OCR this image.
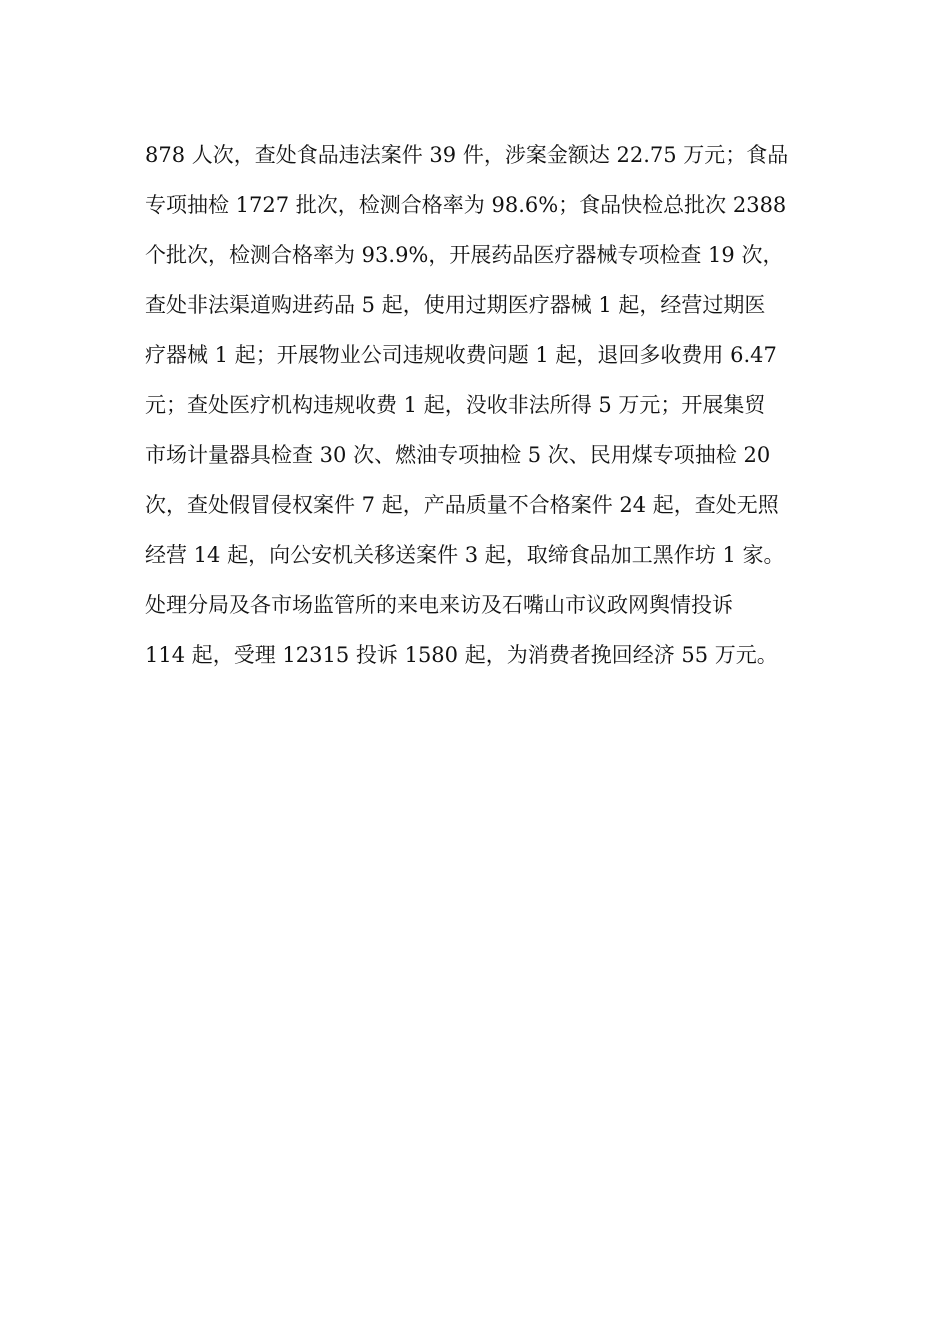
878 人次，查处食品违法案件 39 件，涉案金额达 22.75 万元；食品
专项抽检 1727 批次，检测合格率为 98.6%；食品快检总批次 2388
个批次，检测合格率为 93.9%，开展药品医疗器械专项检查 19 次，
查处非法渠道购进药品 5 起，使用过期医疗器械 1 起，经营过期医
疗器械 1 起；开展物业公司违规收费问题 1 起，退回多收费用 6.47
元；查处医疗机构违规收费 1 起，没收非法所得 5 万元；开展集贸
市场计量器具检查 30 次、燃油专项抽检 5 次、民用煤专项抽检 20
次，查处假冒侵权案件 7 起，产品质量不合格案件 24 起，查处无照
经营 14 起，向公安机关移送案件 3 起，取缔食品加工黑作坊 1 家。
处理分局及各市场监管所的来电来访及石嘴山市议政网舆情投诉
114 起，受理 12315 投诉 1580 起，为消费者挽回经济 55 万元。
